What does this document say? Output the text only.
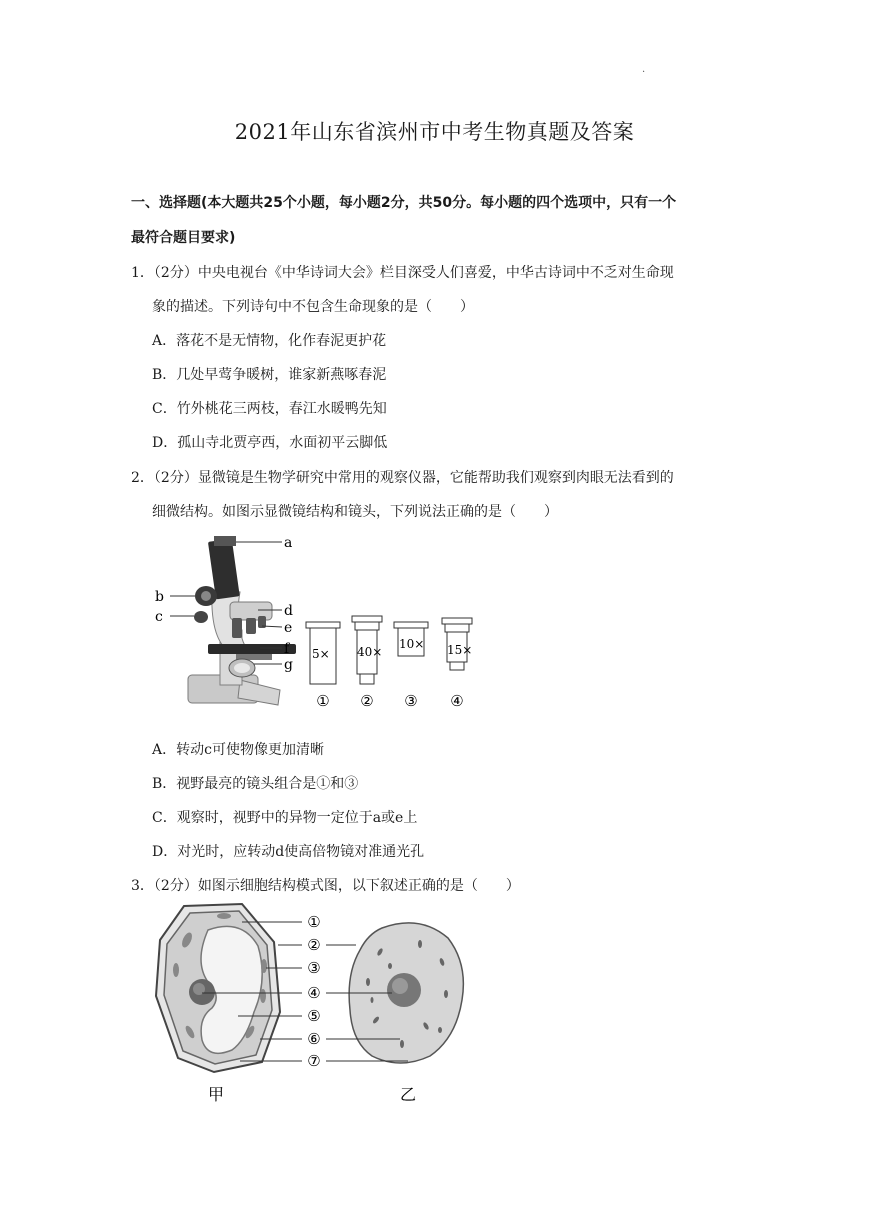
.
2021年山东省滨州市中考生物真题及答案
一、选择题(本大题共25个小题，每小题2分，共50分。每小题的四个选项中，只有一个
最符合题目要求)
1．（2分）中央电视台《中华诗词大会》栏目深受人们喜爱，中华古诗词中不乏对生命现
象的描述。下列诗句中不包含生命现象的是（　　）
A．落花不是无情物，化作春泥更护花
B．几处早莺争暖树，谁家新燕啄春泥
C．竹外桃花三两枝，春江水暖鸭先知
D．孤山寺北贾亭西，水面初平云脚低
2．（2分）显微镜是生物学研究中常用的观察仪器，它能帮助我们观察到肉眼无法看到的
细微结构。如图示显微镜结构和镜头，下列说法正确的是（　　）
a
b
c	d
e
f
g
5×
①
40×
②
10×
③
15×
④
A．转动c可使物像更加清晰
B．视野最亮的镜头组合是①和③
C．观察时，视野中的异物一定位于a或e上
D．对光时，应转动d使高倍物镜对准通光孔
3．（2分）如图示细胞结构模式图，以下叙述正确的是（　　）
①
②
③
④
⑤
⑥
⑦
甲	乙
